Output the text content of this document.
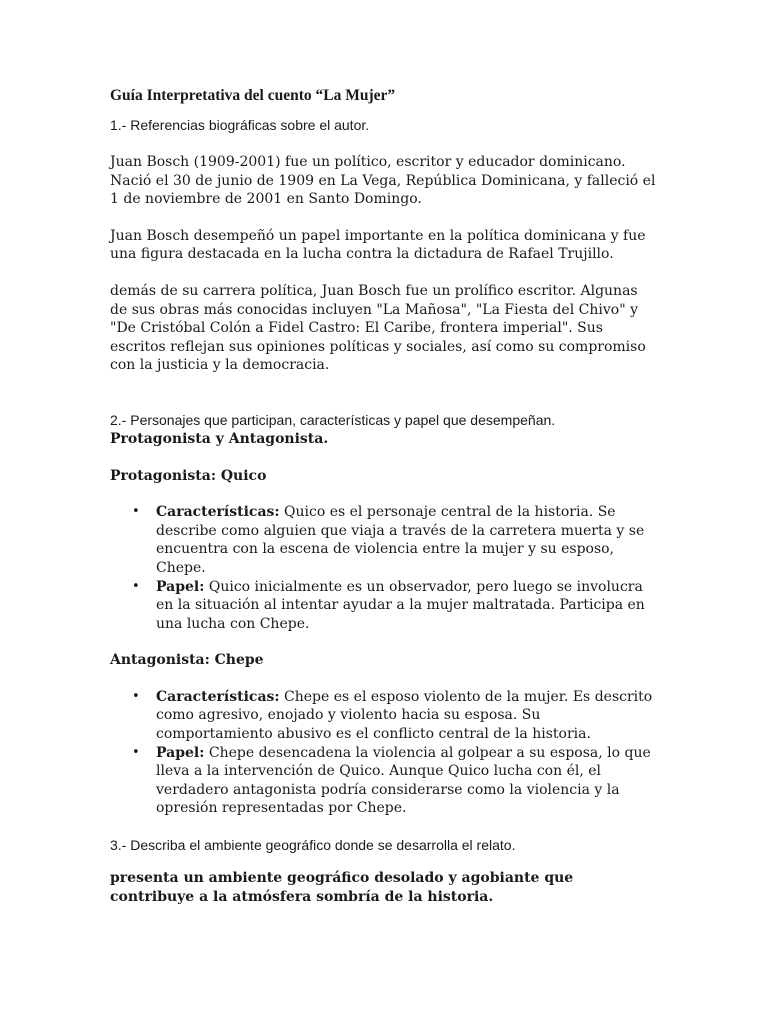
Guía Interpretativa del cuento “La Mujer”

1.- Referencias biográficas sobre el autor.

Juan Bosch (1909-2001) fue un político, escritor y educador dominicano. Nació el 30 de junio de 1909 en La Vega, República Dominicana, y falleció el 1 de noviembre de 2001 en Santo Domingo.

Juan Bosch desempeñó un papel importante en la política dominicana y fue una figura destacada en la lucha contra la dictadura de Rafael Trujillo.

demás de su carrera política, Juan Bosch fue un prolífico escritor. Algunas de sus obras más conocidas incluyen "La Mañosa", "La Fiesta del Chivo" y "De Cristóbal Colón a Fidel Castro: El Caribe, frontera imperial". Sus escritos reflejan sus opiniones políticas y sociales, así como su compromiso con la justicia y la democracia.

2.- Personajes que participan, características y papel que desempeñan.

Protagonista y Antagonista.

Protagonista: Quico

• Características: Quico es el personaje central de la historia. Se describe como alguien que viaja a través de la carretera muerta y se encuentra con la escena de violencia entre la mujer y su esposo, Chepe.
• Papel: Quico inicialmente es un observador, pero luego se involucra en la situación al intentar ayudar a la mujer maltratada. Participa en una lucha con Chepe.

Antagonista: Chepe

• Características: Chepe es el esposo violento de la mujer. Es descrito como agresivo, enojado y violento hacia su esposa. Su comportamiento abusivo es el conflicto central de la historia.
• Papel: Chepe desencadena la violencia al golpear a su esposa, lo que lleva a la intervención de Quico. Aunque Quico lucha con él, el verdadero antagonista podría considerarse como la violencia y la opresión representadas por Chepe.

3.- Describa el ambiente geográfico donde se desarrolla el relato.

presenta un ambiente geográfico desolado y agobiante que contribuye a la atmósfera sombría de la historia.
